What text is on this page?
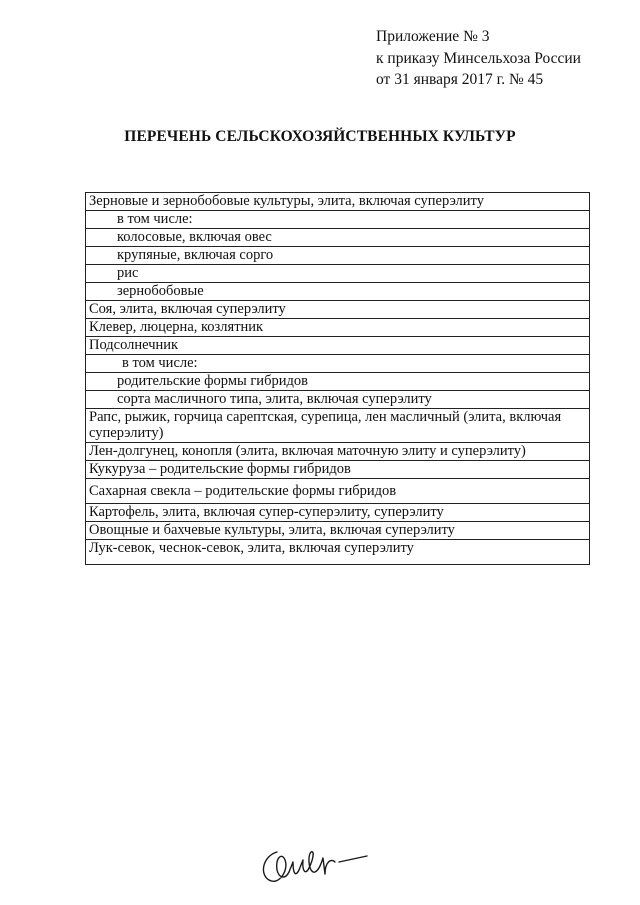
Приложение № 3
к приказу Минсельхоза России
от 31 января 2017 г. № 45
ПЕРЕЧЕНЬ СЕЛЬСКОХОЗЯЙСТВЕННЫХ КУЛЬТУР
Зерновые и зернобобовые культуры, элита, включая суперэлиту
в том числе:
колосовые, включая овес
крупяные, включая сорго
рис
зернобобовые
Соя, элита, включая суперэлиту
Клевер, люцерна, козлятник
Подсолнечник
в том числе:
родительские формы гибридов
сорта масличного типа, элита, включая суперэлиту
Рапс, рыжик, горчица сарептская, сурепица, лен масличный (элита, включая суперэлиту)
Лен-долгунец, конопля (элита, включая маточную элиту и суперэлиту)
Кукуруза – родительские формы гибридов
Сахарная свекла – родительские формы гибридов
Картофель, элита, включая супер-суперэлиту, суперэлиту
Овощные и бахчевые культуры, элита, включая суперэлиту
Лук-севок, чеснок-севок, элита, включая суперэлиту
